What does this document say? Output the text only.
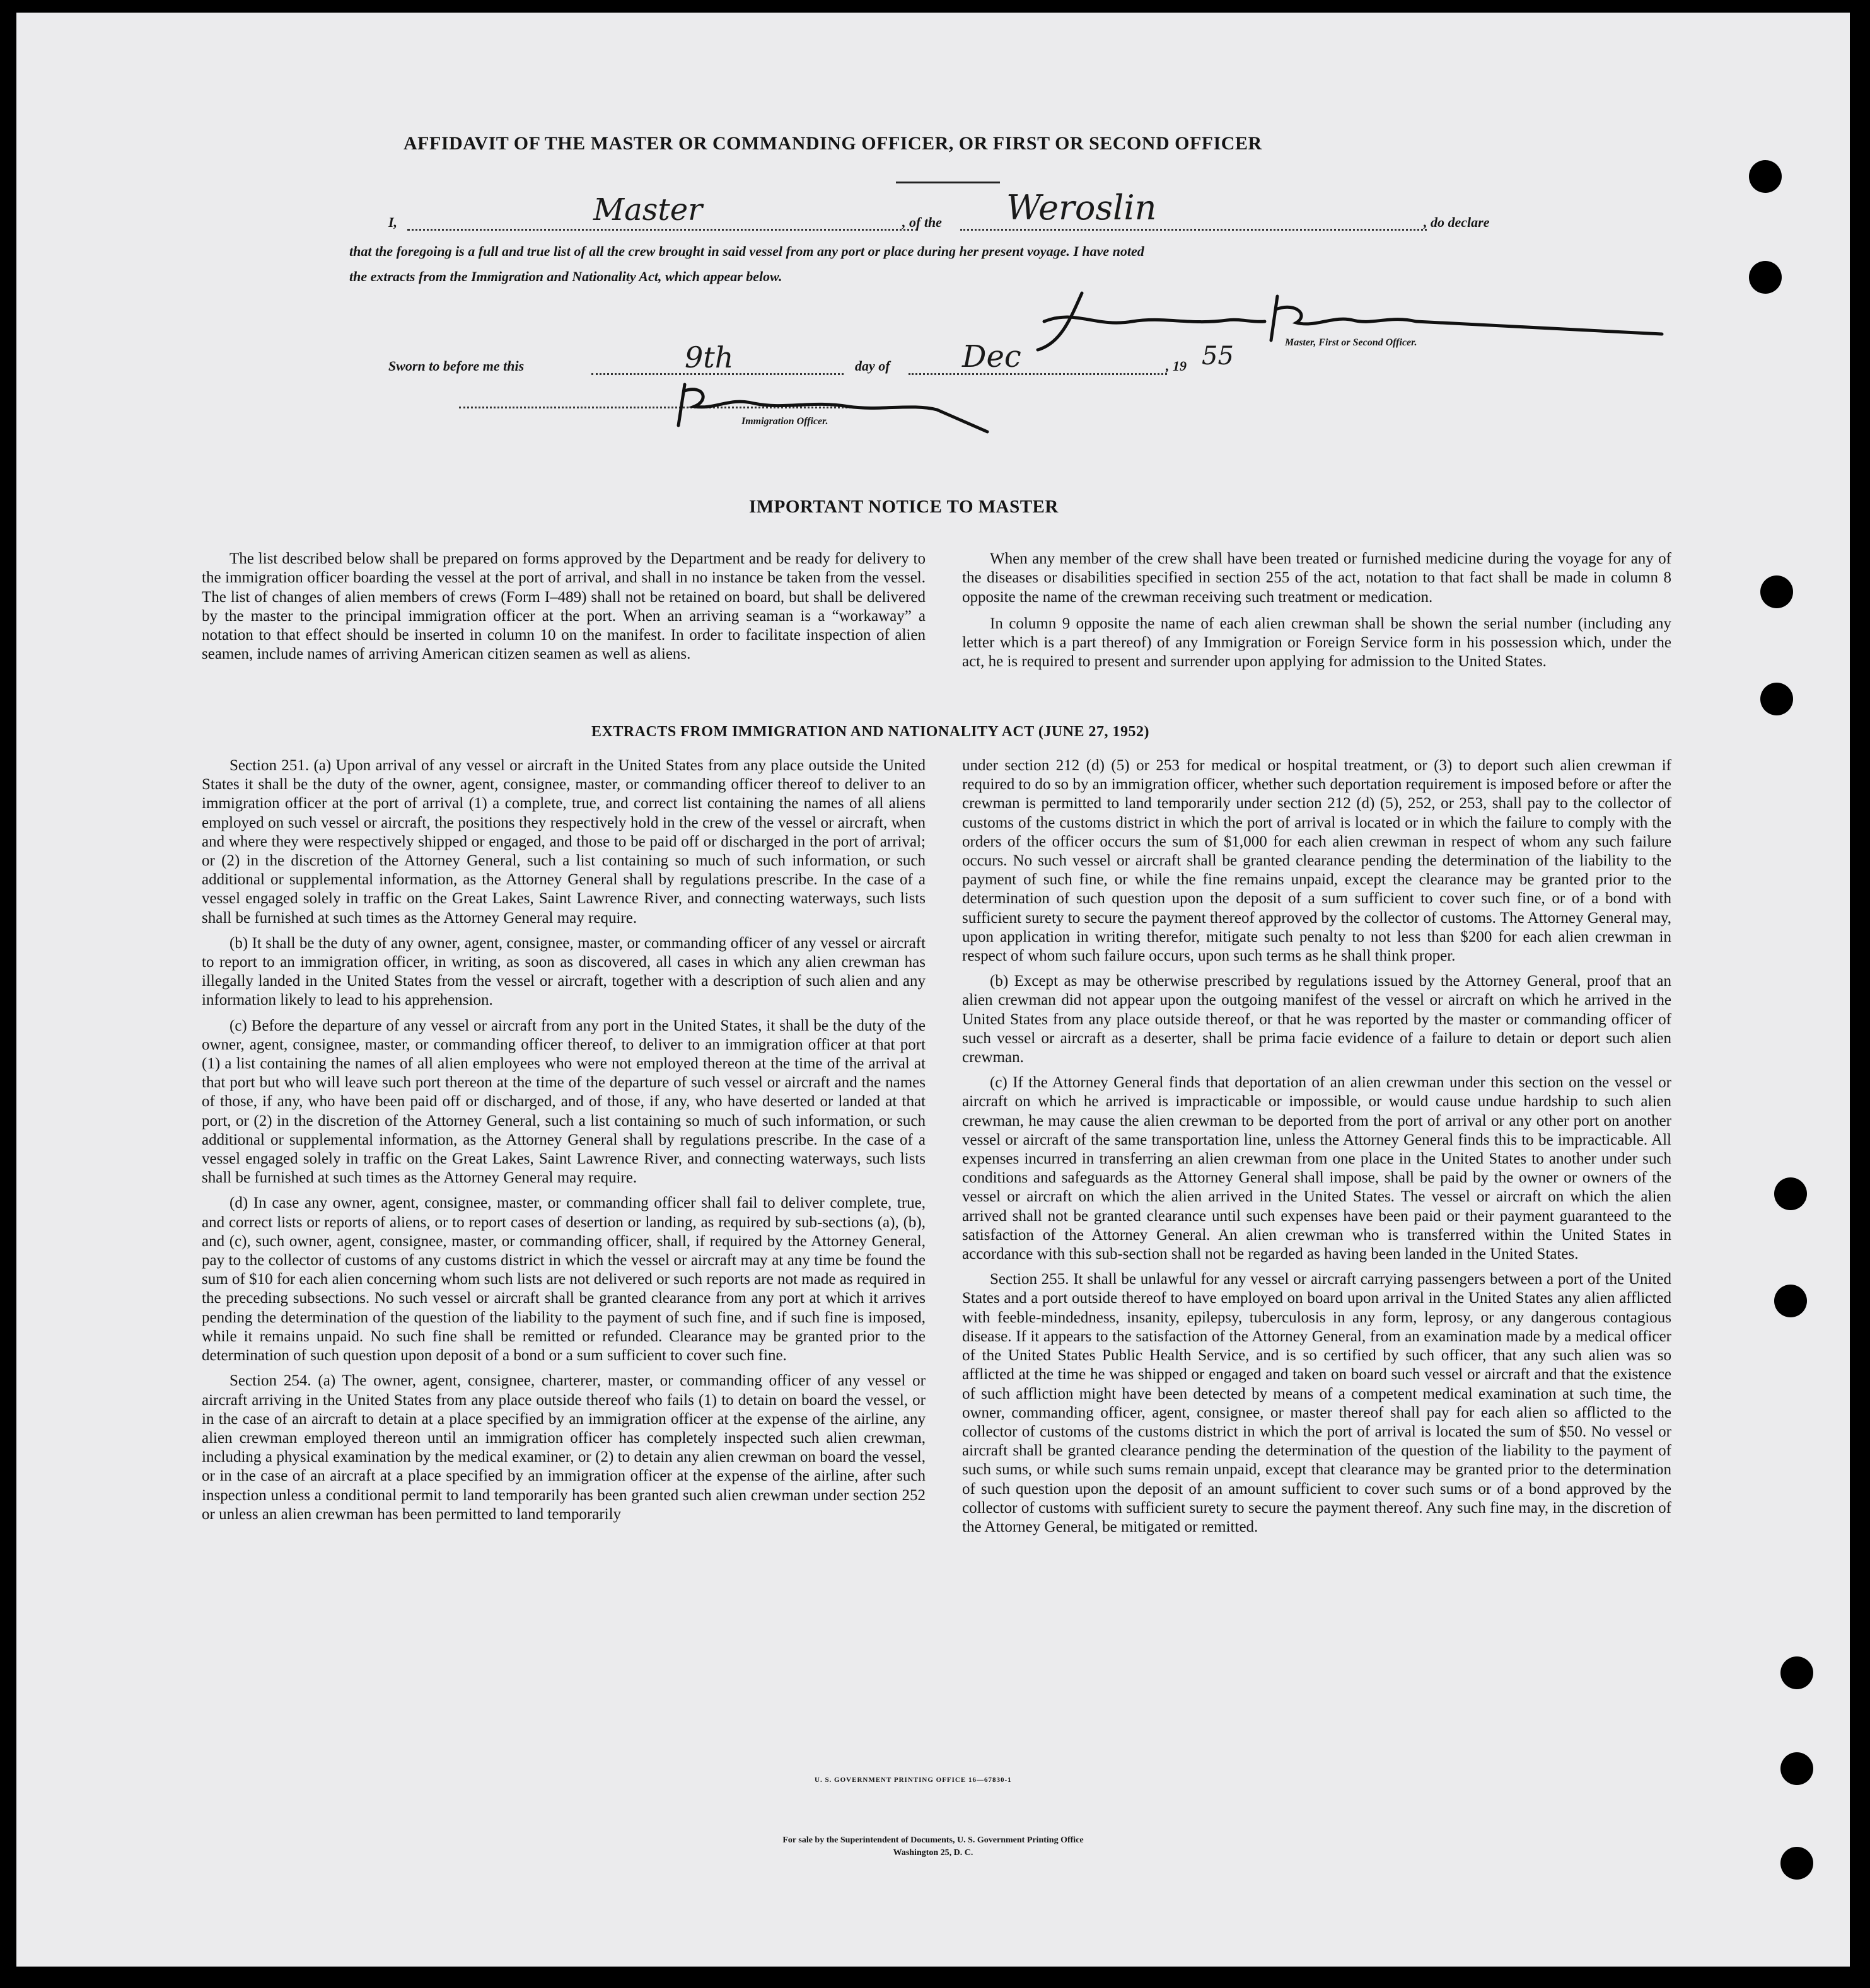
AFFIDAVIT OF THE MASTER OR COMMANDING OFFICER, OR FIRST OR SECOND OFFICER
I,	Master	, of the Weroslin	, do declare
that the foregoing is a full and true list of all the crew brought in said vessel from any port or place during her present voyage. I have noted
the extracts from the Immigration and Nationality Act, which appear below.
Master, First or Second Officer.
Sworn to before me this	9th	day of Dec	, 19 55
Immigration Officer.
IMPORTANT NOTICE TO MASTER

The list described below shall be prepared on forms approved by the Department and be ready for delivery to the immigration officer boarding the vessel at the port of arrival, and shall in no instance be taken from the vessel. The list of changes of alien members of crews (Form I–489) shall not be retained on board, but shall be delivered by the master to the principal immigration officer at the port. When an arriving seaman is a “workaway” a notation to that effect should be inserted in column 10 on the manifest. In order to facilitate inspection of alien seamen, include names of arriving American citizen seamen as well as aliens.

When any member of the crew shall have been treated or furnished medicine during the voyage for any of the diseases or disabilities specified in section 255 of the act, notation to that fact shall be made in column 8 opposite the name of the crewman receiving such treatment or medication.

In column 9 opposite the name of each alien crewman shall be shown the serial number (including any letter which is a part thereof) of any Immigration or Foreign Service form in his possession which, under the act, he is required to present and surrender upon applying for admission to the United States.

EXTRACTS FROM IMMIGRATION AND NATIONALITY ACT (JUNE 27, 1952)

Section 251. (a) Upon arrival of any vessel or aircraft in the United States from any place outside the United States it shall be the duty of the owner, agent, consignee, master, or commanding officer thereof to deliver to an immigration officer at the port of arrival (1) a complete, true, and correct list containing the names of all aliens employed on such vessel or aircraft, the positions they respectively hold in the crew of the vessel or aircraft, when and where they were respectively shipped or engaged, and those to be paid off or discharged in the port of arrival; or (2) in the discretion of the Attorney General, such a list containing so much of such information, or such additional or supplemental information, as the Attorney General shall by regulations prescribe. In the case of a vessel engaged solely in traffic on the Great Lakes, Saint Lawrence River, and connecting waterways, such lists shall be furnished at such times as the Attorney General may require.

(b) It shall be the duty of any owner, agent, consignee, master, or commanding officer of any vessel or aircraft to report to an immigration officer, in writing, as soon as discovered, all cases in which any alien crewman has illegally landed in the United States from the vessel or aircraft, together with a description of such alien and any information likely to lead to his apprehension.

(c) Before the departure of any vessel or aircraft from any port in the United States, it shall be the duty of the owner, agent, consignee, master, or commanding officer thereof, to deliver to an immigration officer at that port (1) a list containing the names of all alien employees who were not employed thereon at the time of the arrival at that port but who will leave such port thereon at the time of the departure of such vessel or aircraft and the names of those, if any, who have been paid off or discharged, and of those, if any, who have deserted or landed at that port, or (2) in the discretion of the Attorney General, such a list containing so much of such information, or such additional or supplemental information, as the Attorney General shall by regulations prescribe. In the case of a vessel engaged solely in traffic on the Great Lakes, Saint Lawrence River, and connecting waterways, such lists shall be furnished at such times as the Attorney General may require.

(d) In case any owner, agent, consignee, master, or commanding officer shall fail to deliver complete, true, and correct lists or reports of aliens, or to report cases of desertion or landing, as required by sub-sections (a), (b), and (c), such owner, agent, consignee, master, or commanding officer, shall, if required by the Attorney General, pay to the collector of customs of any customs district in which the vessel or aircraft may at any time be found the sum of $10 for each alien concerning whom such lists are not delivered or such reports are not made as required in the preceding subsections. No such vessel or aircraft shall be granted clearance from any port at which it arrives pending the determination of the question of the liability to the payment of such fine, and if such fine is imposed, while it remains unpaid. No such fine shall be remitted or refunded. Clearance may be granted prior to the determination of such question upon deposit of a bond or a sum sufficient to cover such fine.

Section 254. (a) The owner, agent, consignee, charterer, master, or commanding officer of any vessel or aircraft arriving in the United States from any place outside thereof who fails (1) to detain on board the vessel, or in the case of an aircraft to detain at a place specified by an immigration officer at the expense of the airline, any alien crewman employed thereon until an immigration officer has completely inspected such alien crewman, including a physical examination by the medical examiner, or (2) to detain any alien crewman on board the vessel, or in the case of an aircraft at a place specified by an immigration officer at the expense of the airline, after such inspection unless a conditional permit to land temporarily has been granted such alien crewman under section 252 or unless an alien crewman has been permitted to land temporarily

under section 212 (d) (5) or 253 for medical or hospital treatment, or (3) to deport such alien crewman if required to do so by an immigration officer, whether such deportation requirement is imposed before or after the crewman is permitted to land temporarily under section 212 (d) (5), 252, or 253, shall pay to the collector of customs of the customs district in which the port of arrival is located or in which the failure to comply with the orders of the officer occurs the sum of $1,000 for each alien crewman in respect of whom any such failure occurs. No such vessel or aircraft shall be granted clearance pending the determination of the liability to the payment of such fine, or while the fine remains unpaid, except the clearance may be granted prior to the determination of such question upon the deposit of a sum sufficient to cover such fine, or of a bond with sufficient surety to secure the payment thereof approved by the collector of customs. The Attorney General may, upon application in writing therefor, mitigate such penalty to not less than $200 for each alien crewman in respect of whom such failure occurs, upon such terms as he shall think proper.

(b) Except as may be otherwise prescribed by regulations issued by the Attorney General, proof that an alien crewman did not appear upon the outgoing manifest of the vessel or aircraft on which he arrived in the United States from any place outside thereof, or that he was reported by the master or commanding officer of such vessel or aircraft as a deserter, shall be prima facie evidence of a failure to detain or deport such alien crewman.

(c) If the Attorney General finds that deportation of an alien crewman under this section on the vessel or aircraft on which he arrived is impracticable or impossible, or would cause undue hardship to such alien crewman, he may cause the alien crewman to be deported from the port of arrival or any other port on another vessel or aircraft of the same transportation line, unless the Attorney General finds this to be impracticable. All expenses incurred in transferring an alien crewman from one place in the United States to another under such conditions and safeguards as the Attorney General shall impose, shall be paid by the owner or owners of the vessel or aircraft on which the alien arrived in the United States. The vessel or aircraft on which the alien arrived shall not be granted clearance until such expenses have been paid or their payment guaranteed to the satisfaction of the Attorney General. An alien crewman who is transferred within the United States in accordance with this sub-section shall not be regarded as having been landed in the United States.

Section 255. It shall be unlawful for any vessel or aircraft carrying passengers between a port of the United States and a port outside thereof to have employed on board upon arrival in the United States any alien afflicted with feeble-mindedness, insanity, epilepsy, tuberculosis in any form, leprosy, or any dangerous contagious disease. If it appears to the satisfaction of the Attorney General, from an examination made by a medical officer of the United States Public Health Service, and is so certified by such officer, that any such alien was so afflicted at the time he was shipped or engaged and taken on board such vessel or aircraft and that the existence of such affliction might have been detected by means of a competent medical examination at such time, the owner, commanding officer, agent, consignee, or master thereof shall pay for each alien so afflicted to the collector of customs of the customs district in which the port of arrival is located the sum of $50. No vessel or aircraft shall be granted clearance pending the determination of the question of the liability to the payment of such sums, or while such sums remain unpaid, except that clearance may be granted prior to the determination of such question upon the deposit of an amount sufficient to cover such sums or of a bond approved by the collector of customs with sufficient surety to secure the payment thereof. Any such fine may, in the discretion of the Attorney General, be mitigated or remitted.

U. S. GOVERNMENT PRINTING OFFICE 16—67830-1
For sale by the Superintendent of Documents, U. S. Government Printing Office
Washington 25, D. C.
